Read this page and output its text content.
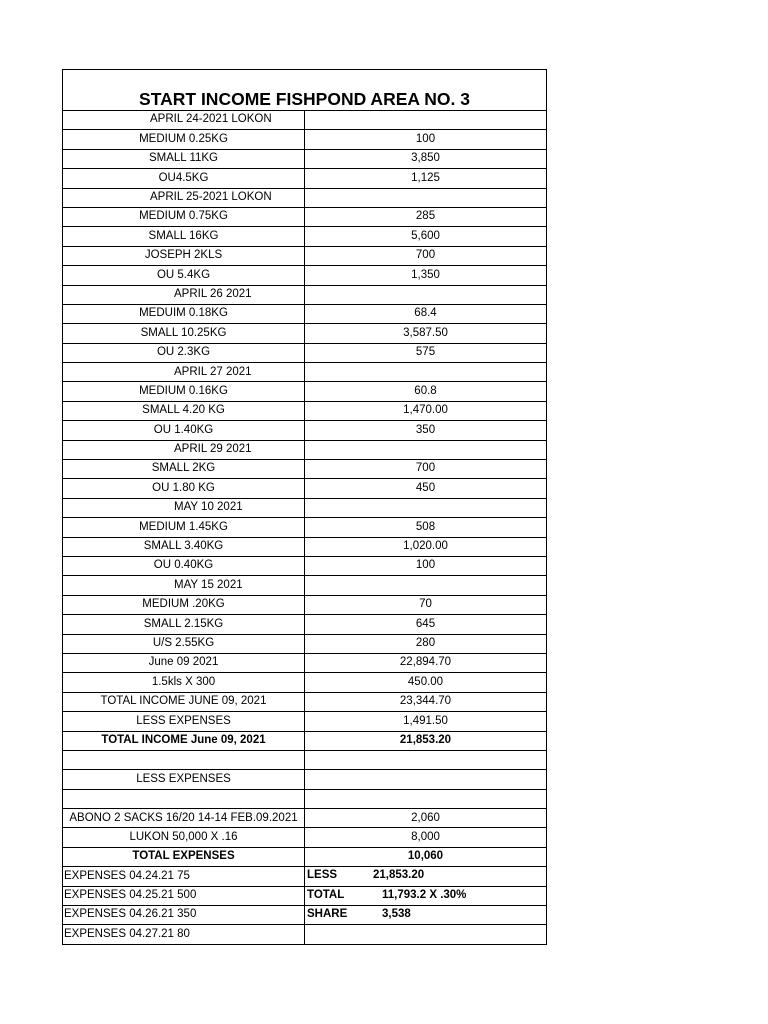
START INCOME FISHPOND AREA NO. 3	
APRIL 24-2021 LOKON	
MEDIUM 0.25KG	100
SMALL 11KG	3,850
OU4.5KG	1,125
APRIL 25-2021 LOKON	
MEDIUM 0.75KG	285
SMALL 16KG	5,600
JOSEPH 2KLS	700
OU 5.4KG	1,350
APRIL 26 2021	
MEDUIM 0.18KG	68.4
SMALL 10.25KG	3,587.50
OU 2.3KG	575
APRIL 27 2021	
MEDIUM 0.16KG	60.8
SMALL 4.20 KG	1,470.00
OU 1.40KG	350
APRIL 29 2021	
SMALL 2KG	700
OU 1.80 KG	450
MAY 10 2021	
MEDIUM 1.45KG	508
SMALL 3.40KG	1,020.00
OU 0.40KG	100
MAY 15 2021	
MEDIUM .20KG	70
SMALL 2.15KG	645
U/S 2.55KG	280
June 09 2021	22,894.70
1.5kls X 300	450.00
TOTAL INCOME JUNE 09, 2021	23,344.70
LESS EXPENSES	1,491.50
TOTAL INCOME June 09, 2021	21,853.20

LESS EXPENSES	

ABONO 2 SACKS 16/20 14-14 FEB.09.2021	2,060
LUKON 50,000 X .16	8,000
TOTAL EXPENSES	10,060
EXPENSES 04.24.21 75	LESS 21,853.20

EXPENSES 04.25.21 500	TOTAL 11,793.2 X .30%

EXPENSES 04.26.21 350	SHARE 3,538

EXPENSES 04.27.21 80	
